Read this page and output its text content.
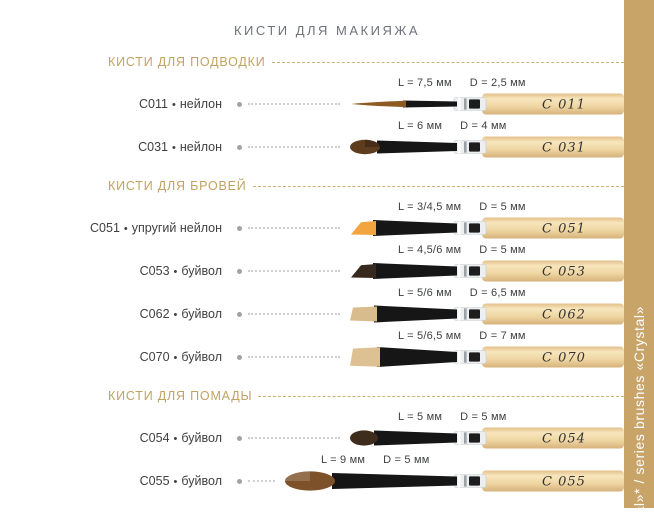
КИСТИ ДЛЯ МАКИЯЖА
КИСТИ ДЛЯ ПОДВОДКИ
C011 • нейлон
L = 7,5 мм D = 2,5 мм
C 011
C031 • нейлон
L = 6 мм D = 4 мм
C 031
КИСТИ ДЛЯ БРОВЕЙ
C051 • упругий нейлон
L = 3/4,5 мм D = 5 мм
C 051
C053 • буйвол
L = 4,5/6 мм D = 5 мм
C 053
C062 • буйвол
L = 5/6 мм D = 6,5 мм
C 062
C070 • буйвол
L = 5/6,5 мм D = 7 мм
C 070
КИСТИ ДЛЯ ПОМАДЫ
C054 • буйвол
L = 5 мм D = 5 мм
C 054
C055 • буйвол
L = 9 мм D = 5 мм
C 055	al»* / series brushes «Crystal»
